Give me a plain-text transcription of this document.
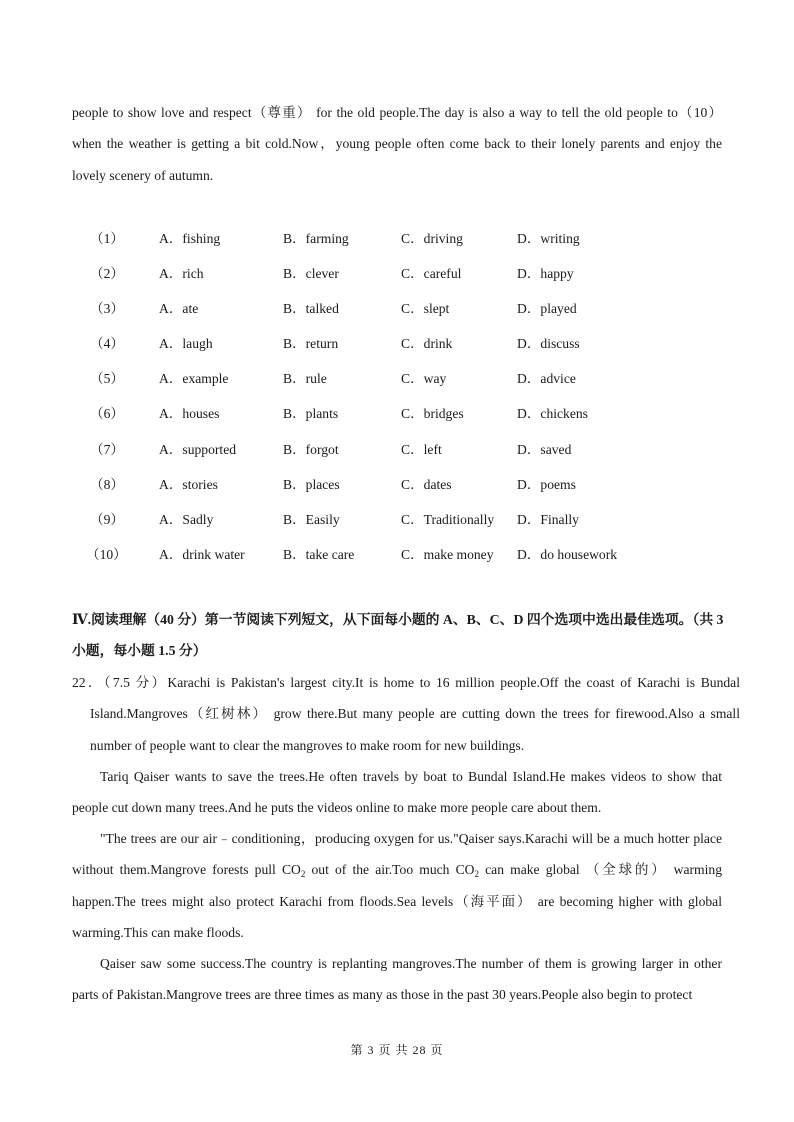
people to show love and respect（尊重） for the old people.The day is also a way to tell the old people to（10） when the weather is getting a bit cold.Now，young people often come back to their lonely parents and enjoy the lovely scenery of autumn.

（1）	A．fishing	B．farming	C．driving	D．writing
（2）	A．rich	B．clever	C．careful	D．happy
（3）	A．ate	B．talked	C．slept	D．played
（4）	A．laugh	B．return	C．drink	D．discuss
（5）	A．example	B．rule	C．way	D．advice
（6）	A．houses	B．plants	C．bridges	D．chickens
（7）	A．supported	B．forgot	C．left	D．saved
（8）	A．stories	B．places	C．dates	D．poems
（9）	A．Sadly	B．Easily	C．Traditionally D．Finally
（10） A．drink water	B．take care	C．make money D．do housework

Ⅳ.阅读理解（40 分）第一节阅读下列短文，从下面每小题的 A、B、C、D 四个选项中选出最佳选项。（共 3 小题，每小题 1.5 分）

22．（7.5 分）Karachi is Pakistan's largest city.It is home to 16 million people.Off the coast of Karachi is Bundal Island.Mangroves（红树林） grow there.But many people are cutting down the trees for firewood.Also a small number of people want to clear the mangroves to make room for new buildings.

Tariq Qaiser wants to save the trees.He often travels by boat to Bundal Island.He makes videos to show that people cut down many trees.And he puts the videos online to make more people care about them.

"The trees are our air﹣conditioning，producing oxygen for us."Qaiser says.Karachi will be a much hotter place without them.Mangrove forests pull $CO_2$ out of the air.Too much $CO_2$ can make global （全球的） warming happen.The trees might also protect Karachi from floods.Sea levels（海平面） are becoming higher with global warming.This can make floods.

Qaiser saw some success.The country is replanting mangroves.The number of them is growing larger in other parts of Pakistan.Mangrove trees are three times as many as those in the past 30 years.People also begin to protect

第 3 页 共 28 页
